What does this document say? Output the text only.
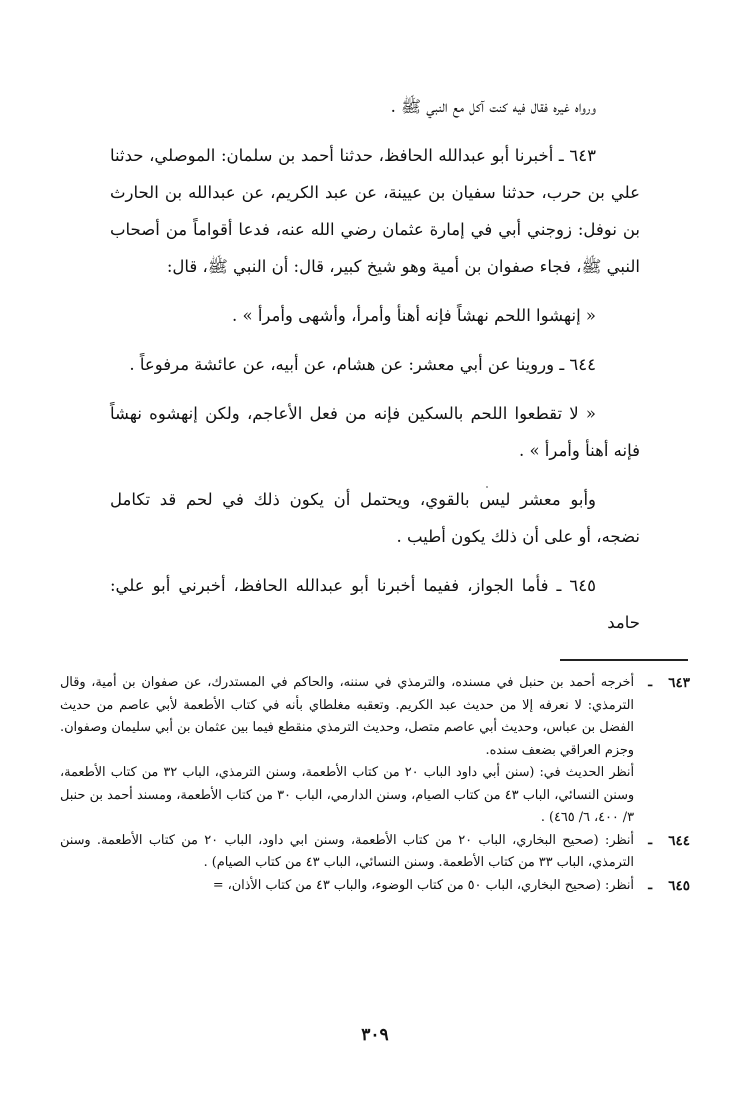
ورواه غيره فقال فيه كنت آكل مع النبي ﷺ .

٦٤٣ ـ أخبرنا أبو عبدالله الحافظ، حدثنا أحمد بن سلمان: الموصلي، حدثنا علي بن حرب، حدثنا سفيان بن عيينة، عن عبد الكريم، عن عبدالله بن الحارث بن نوفل: زوجني أبي في إمارة عثمان رضي الله عنه، فدعا أقواماً من أصحاب النبي ﷺ، فجاء صفوان بن أمية وهو شيخ كبير، قال: أن النبي ﷺ، قال:

« إنهشوا اللحم نهشاً فإنه أهنأ وأمرأ، وأشهى وأمرأ » .

٦٤٤ ـ وروينا عن أبي معشر: عن هشام، عن أبيه، عن عائشة مرفوعاً .

« لا تقطعوا اللحم بالسكين فإنه من فعل الأعاجم، ولكن إنهشوه نهشاً فإنه أهنأ وأمرأ » .

وأبو معشر ليس بالقوي، ويحتمل أن يكون ذلك في لحم قد تكامل نضجه، أو على أن ذلك يكون أطيب .

٦٤٥ ـ فأما الجواز، ففيما أخبرنا أبو عبدالله الحافظ، أخبرني أبو علي: حامد

٦٤٣
ـ

أخرجه أحمد بن حنبل في مسنده، والترمذي في سننه، والحاكم في المستدرك، عن صفوان بن أمية، وقال الترمذي: لا نعرفه إلا من حديث عبد الكريم. وتعقبه مغلطاي بأنه في كتاب الأطعمة لأبي عاصم من حديث الفضل بن عباس، وحديث أبي عاصم متصل، وحديث الترمذي منقطع فيما بين عثمان بن أبي سليمان وصفوان. وجزم العراقي بضعف سنده.

أنظر الحديث في: (سنن أبي داود الباب ٢٠ من كتاب الأطعمة، وسنن الترمذي، الباب ٣٢ من كتاب الأطعمة، وسنن النسائي، الباب ٤٣ من كتاب الصيام، وسنن الدارمي، الباب ٣٠ من كتاب الأطعمة، ومسند أحمد بن حنبل ٣/ ٤٠٠، ٦/ ٤٦٥) .

٦٤٤
ـ

أنظر: (صحيح البخاري، الباب ٢٠ من كتاب الأطعمة، وسنن ابي داود، الباب ٢٠ من كتاب الأطعمة. وسنن الترمذي، الباب ٣٣ من كتاب الأطعمة. وسنن النسائي، الباب ٤٣ من كتاب الصيام) .

٦٤٥
ـ

أنظر: (صحيح البخاري، الباب ٥٠ من كتاب الوضوء، والباب ٤٣ من كتاب الأذان، =

٣٠٩
